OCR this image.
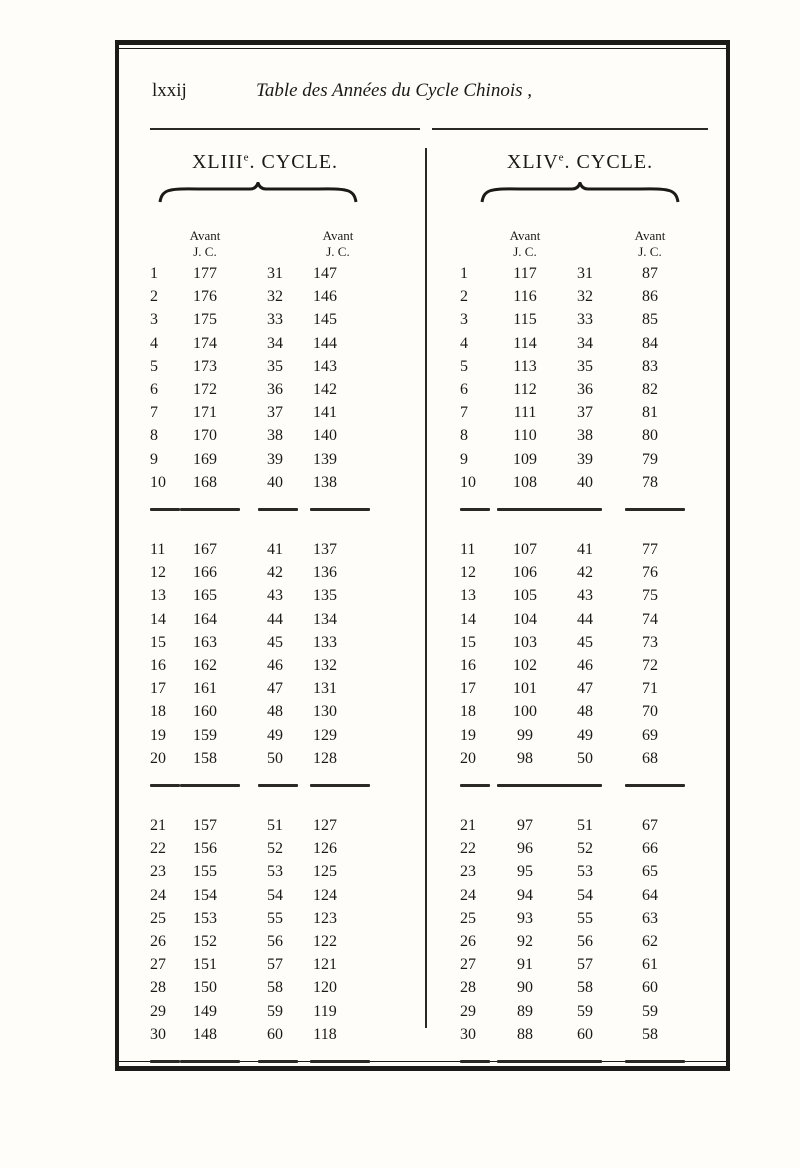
lxxij	Table des Années du Cycle Chinois ,
XLIIIe. CYCLE.	XLIVe. CYCLE.
Avant
J. C.
Avant
J. C.
Avant
J. C.
Avant
J. C.
1	177	31	147
2	176	32	146
3	175	33	145
4	174	34	144
5	173	35	143
6	172	36	142
7	171	37	141
8	170	38	140
9	169	39	139
10	168	40	138
1	117	31	87
2	116	32	86
3	115	33	85
4	114	34	84
5	113	35	83
6	112	36	82
7	111	37	81
8	110	38	80
9	109	39	79
10	108	40	78
11	167	41	137
12	166	42	136
13	165	43	135
14	164	44	134
15	163	45	133
16	162	46	132
17	161	47	131
18	160	48	130
19	159	49	129
20	158	50	128
11	107	41	77
12	106	42	76
13	105	43	75
14	104	44	74
15	103	45	73
16	102	46	72
17	101	47	71
18	100	48	70
19	99	49	69
20	98	50	68
21	157	51	127
22	156	52	126
23	155	53	125
24	154	54	124
25	153	55	123
26	152	56	122
27	151	57	121
28	150	58	120
29	149	59	119
30	148	60	118
21	97	51	67
22	96	52	66
23	95	53	65
24	94	54	64
25	93	55	63
26	92	56	62
27	91	57	61
28	90	58	60
29	89	59	59
30	88	60	58
